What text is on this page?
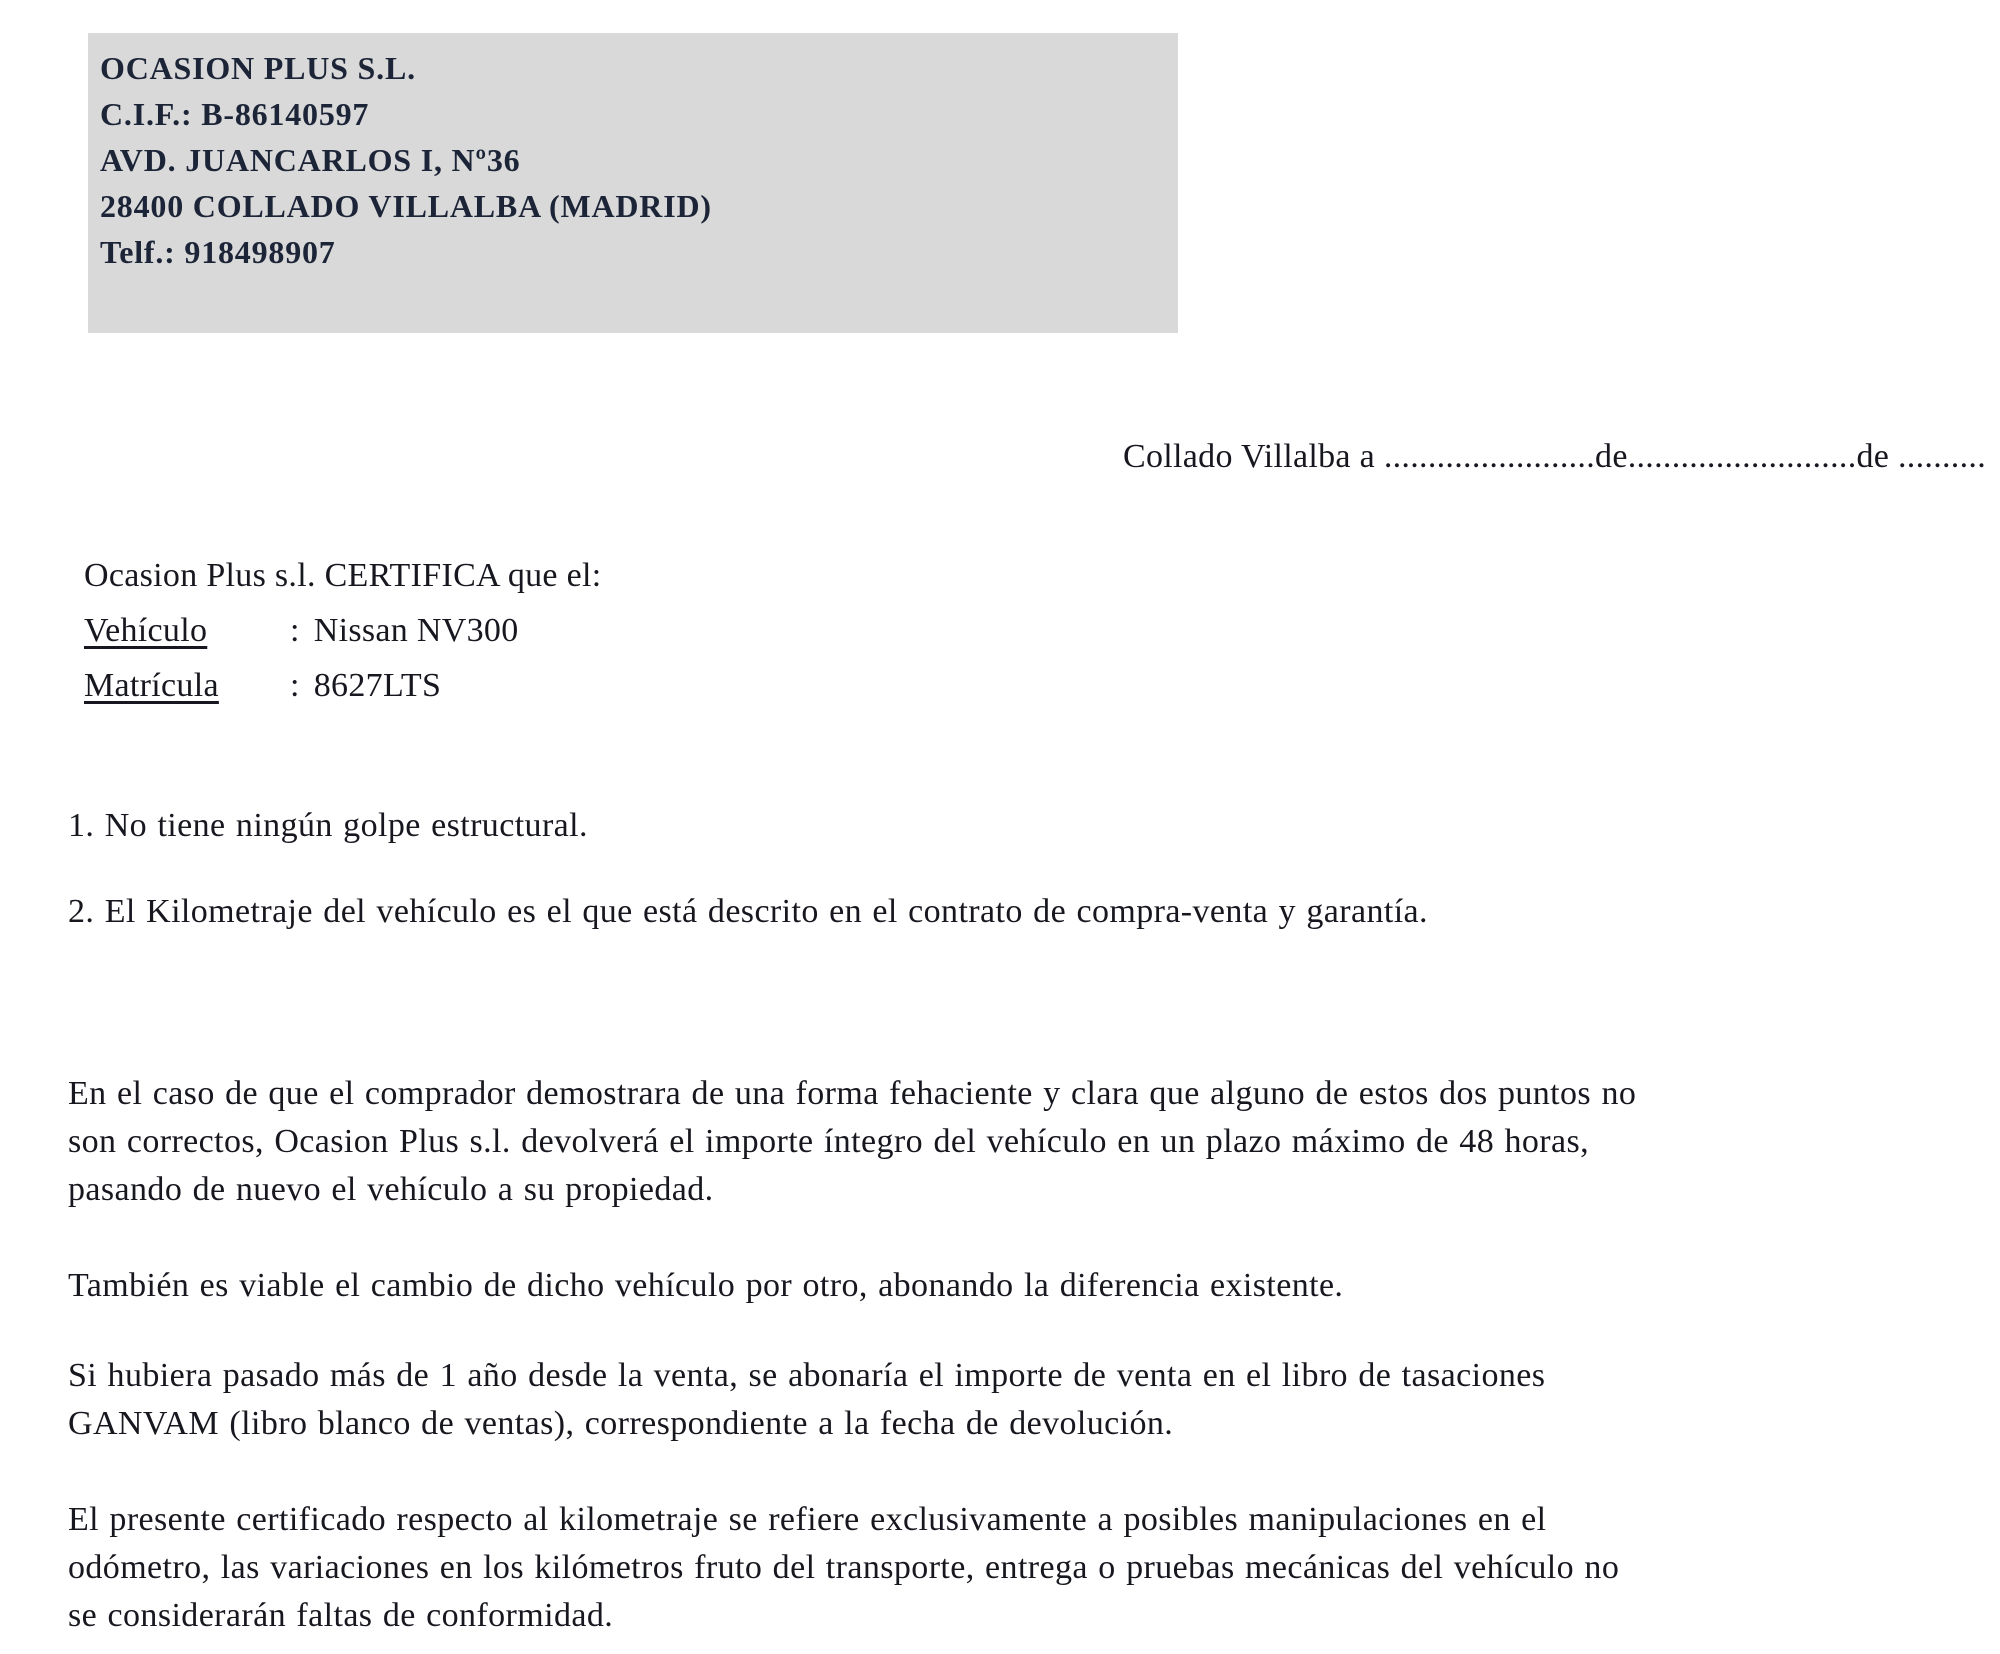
OCASION PLUS S.L.
C.I.F.: B-86140597
AVD. JUANCARLOS I, Nº36
28400 COLLADO VILLALBA (MADRID)
Telf.: 918498907
Collado Villalba a ........................de..........................de ..........
Ocasion Plus s.l. CERTIFICA que el:
Vehículo : Nissan NV300
Matrícula : 8627LTS
1. No tiene ningún golpe estructural.
2. El Kilometraje del vehículo es el que está descrito en el contrato de compra-venta y garantía.
En el caso de que el comprador demostrara de una forma fehaciente y clara que alguno de estos dos puntos no
son correctos, Ocasion Plus s.l. devolverá el importe íntegro del vehículo en un plazo máximo de 48 horas,
pasando de nuevo el vehículo a su propiedad.
También es viable el cambio de dicho vehículo por otro, abonando la diferencia existente.
Si hubiera pasado más de 1 año desde la venta, se abonaría el importe de venta en el libro de tasaciones
GANVAM (libro blanco de ventas), correspondiente a la fecha de devolución.
El presente certificado respecto al kilometraje se refiere exclusivamente a posibles manipulaciones en el
odómetro, las variaciones en los kilómetros fruto del transporte, entrega o pruebas mecánicas del vehículo no
se considerarán faltas de conformidad.
